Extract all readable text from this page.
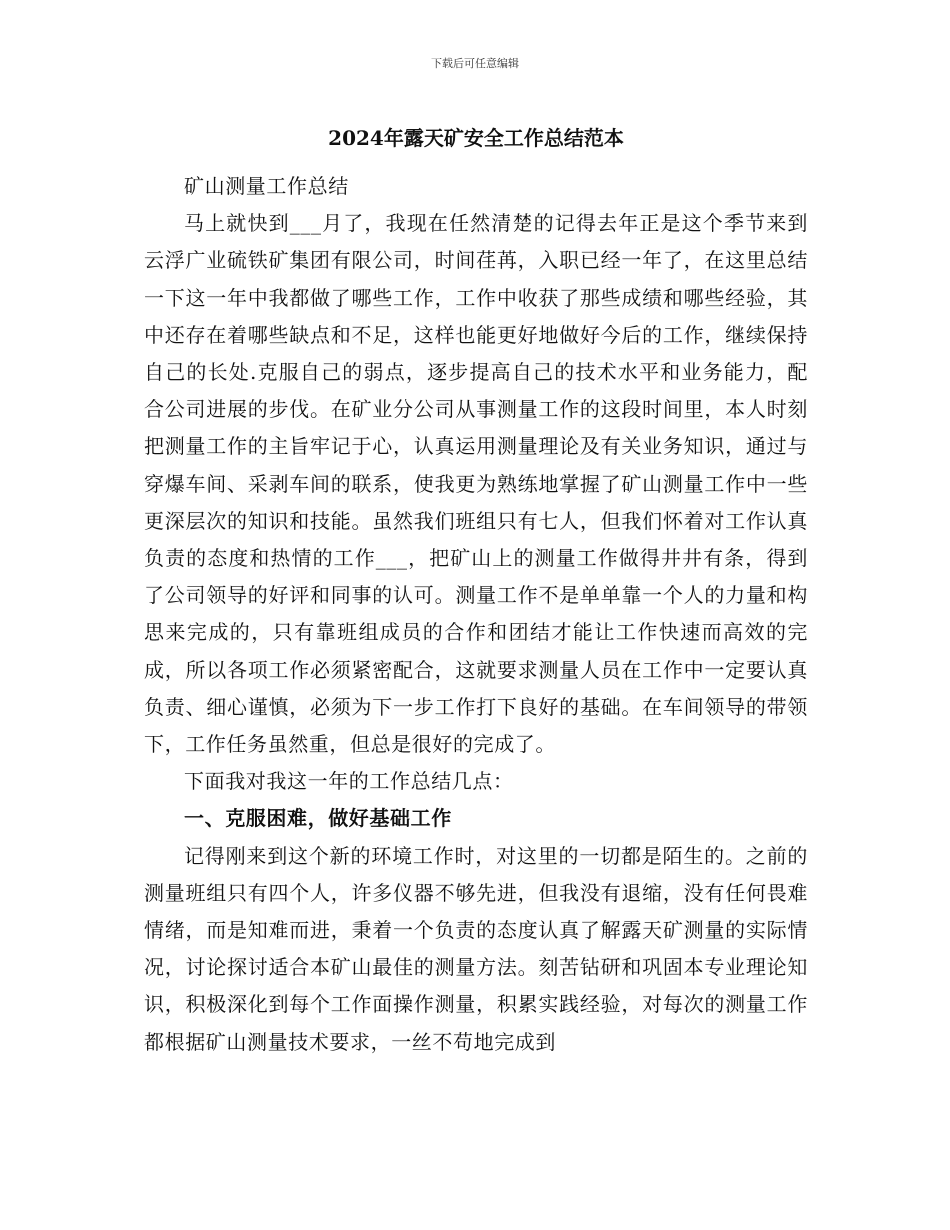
下载后可任意编辑
2024年露天矿安全工作总结范本

矿山测量工作总结

马上就快到___月了，我现在任然清楚的记得去年正是这个季节来到云浮广业硫铁矿集团有限公司，时间荏苒，入职已经一年了，在这里总结一下这一年中我都做了哪些工作，工作中收获了那些成绩和哪些经验，其中还存在着哪些缺点和不足，这样也能更好地做好今后的工作，继续保持自己的长处.克服自己的弱点，逐步提高自己的技术水平和业务能力，配合公司进展的步伐。在矿业分公司从事测量工作的这段时间里，本人时刻把测量工作的主旨牢记于心，认真运用测量理论及有关业务知识，通过与穿爆车间、采剥车间的联系，使我更为熟练地掌握了矿山测量工作中一些更深层次的知识和技能。虽然我们班组只有七人，但我们怀着对工作认真负责的态度和热情的工作___，把矿山上的测量工作做得井井有条，得到了公司领导的好评和同事的认可。测量工作不是单单靠一个人的力量和构思来完成的，只有靠班组成员的合作和团结才能让工作快速而高效的完成，所以各项工作必须紧密配合，这就要求测量人员在工作中一定要认真负责、细心谨慎，必须为下一步工作打下良好的基础。在车间领导的带领下，工作任务虽然重，但总是很好的完成了。

下面我对我这一年的工作总结几点：

一、克服困难，做好基础工作

记得刚来到这个新的环境工作时，对这里的一切都是陌生的。之前的测量班组只有四个人，许多仪器不够先进，但我没有退缩，没有任何畏难情绪，而是知难而进，秉着一个负责的态度认真了解露天矿测量的实际情况，讨论探讨适合本矿山最佳的测量方法。刻苦钻研和巩固本专业理论知识，积极深化到每个工作面操作测量，积累实践经验，对每次的测量工作都根据矿山测量技术要求，一丝不苟地完成到
